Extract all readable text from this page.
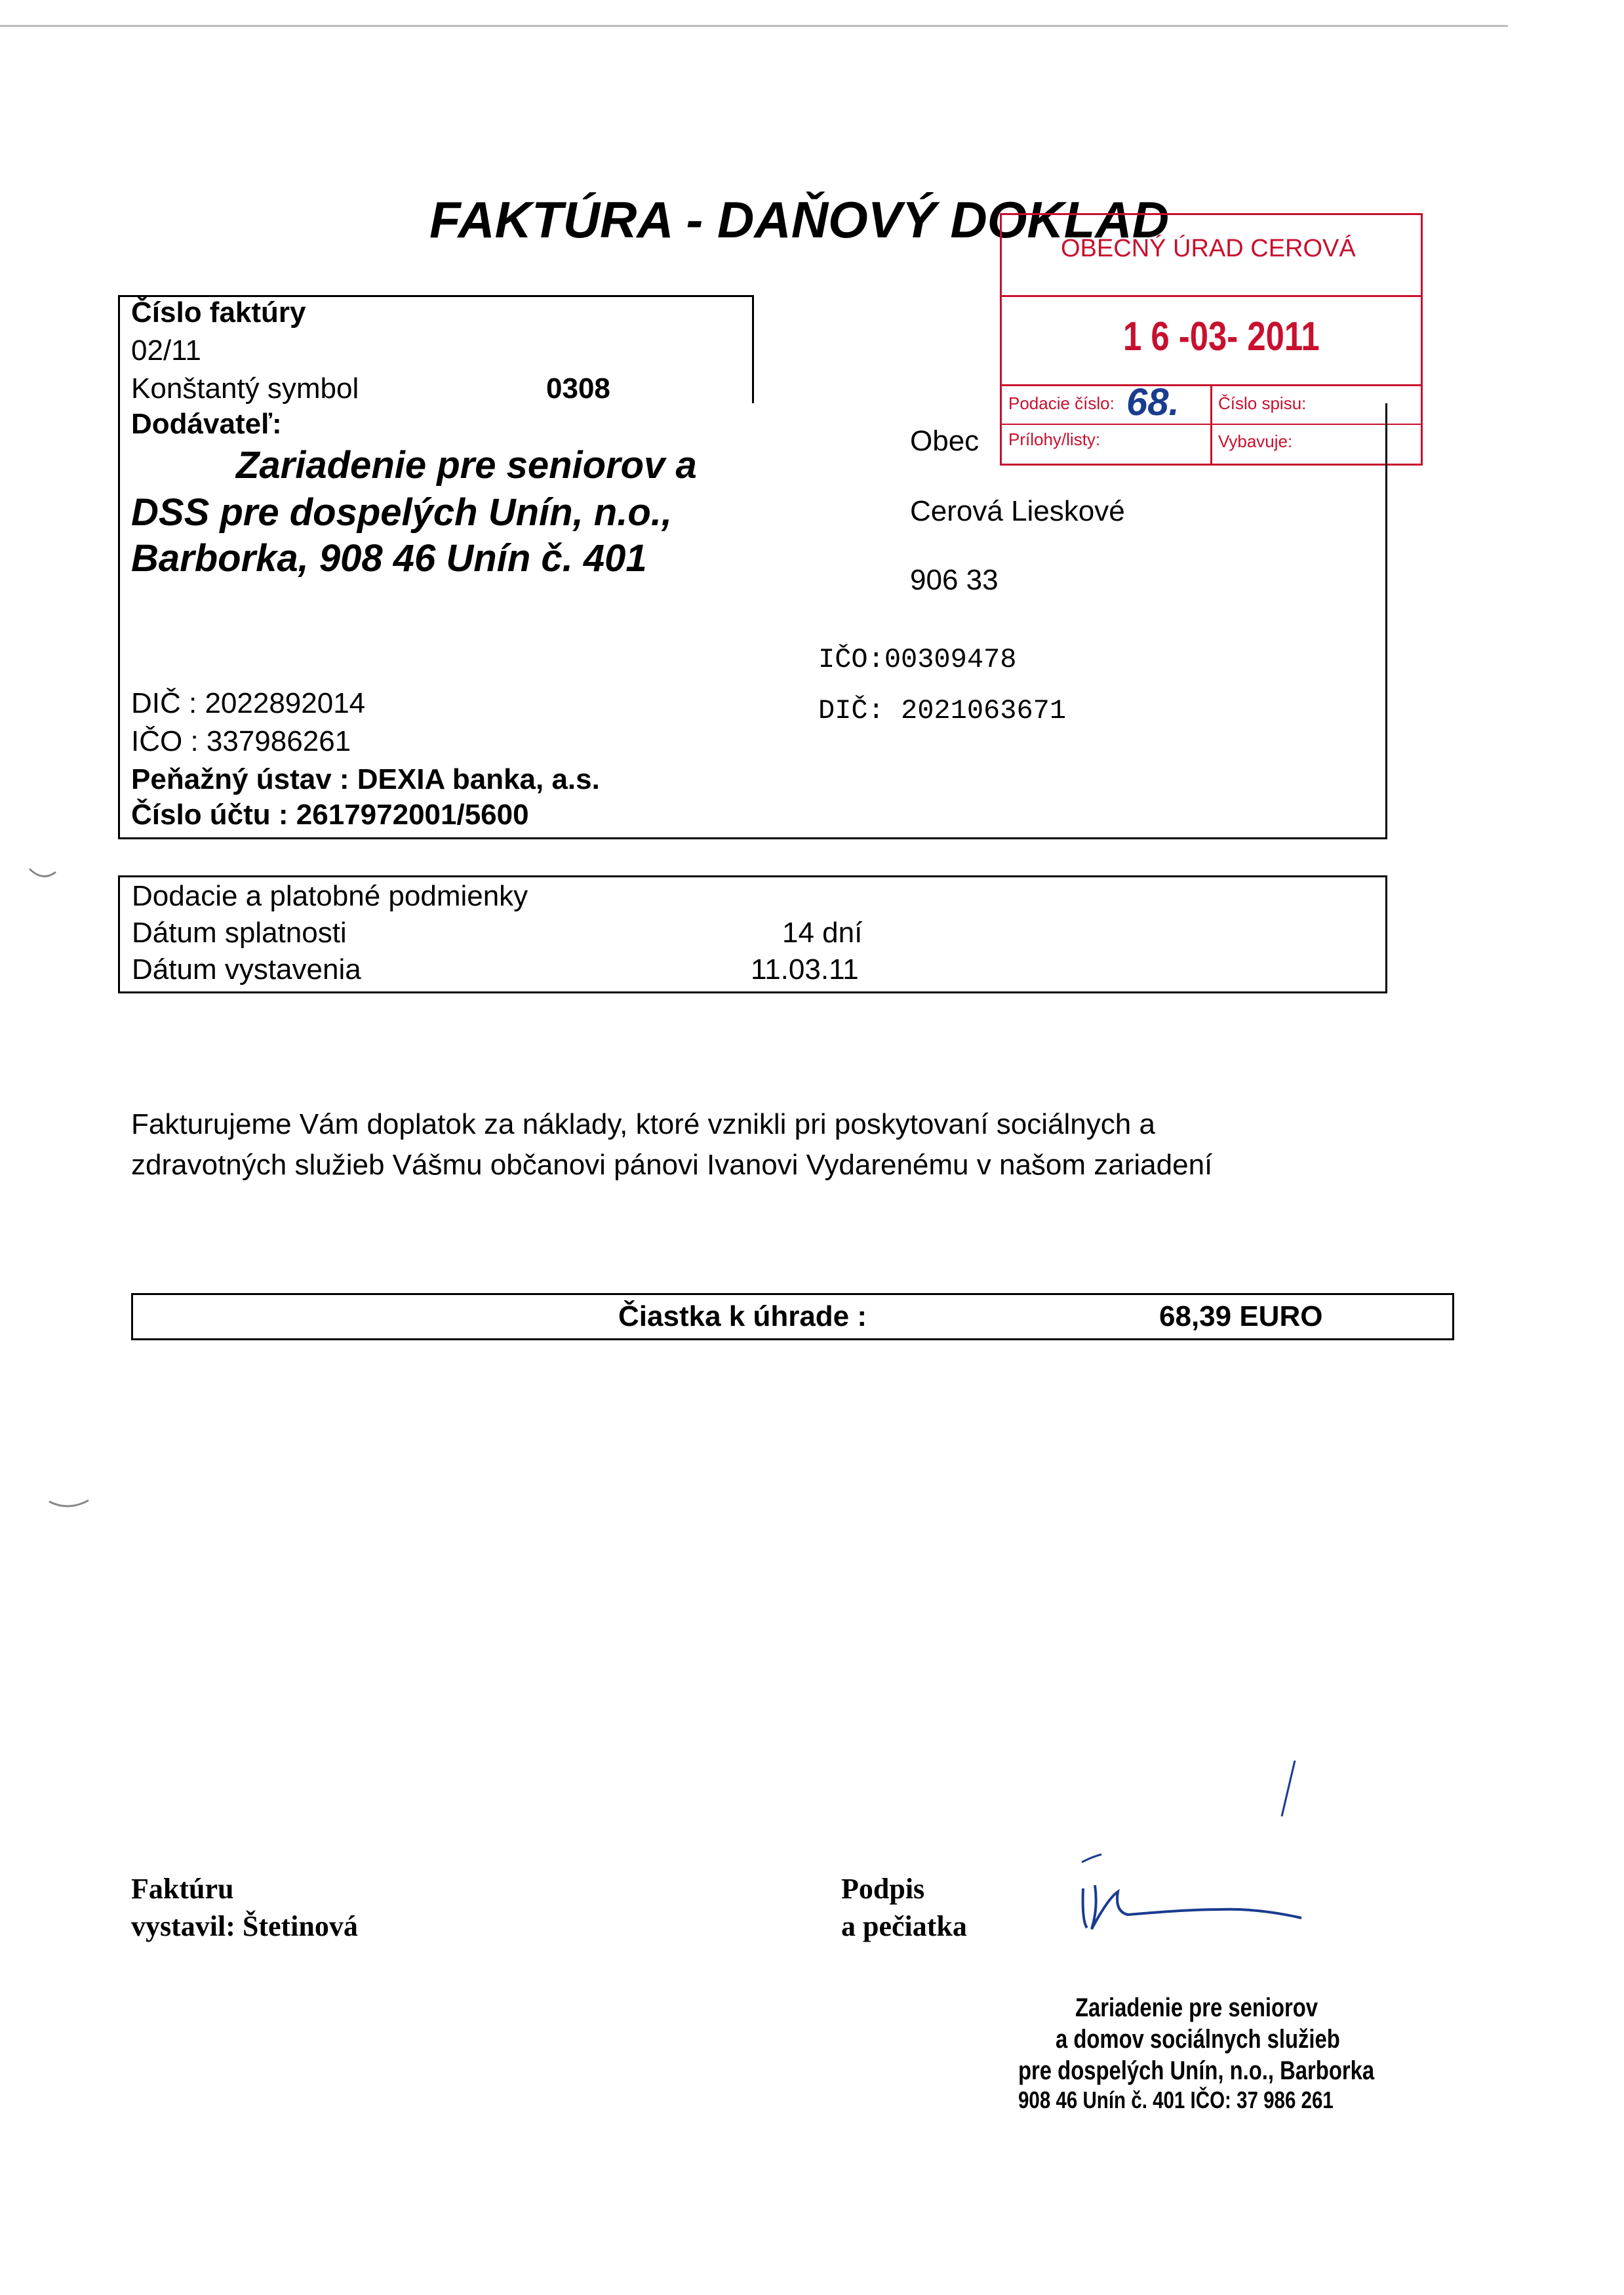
FAKTÚRA - DAŇOVÝ DOKLAD
OBECNÝ ÚRAD CEROVÁ
1 6 -03- 2011
Podacie číslo: 68. Číslo spisu:
Prílohy/listy:	Vybavuje:
Číslo faktúry
02/11
Konštantý symbol	0308
Dodávateľ:
Zariadenie pre seniorov a
DSS pre dospelých Unín, n.o.,
Barborka, 908 46 Unín č. 401
DIČ : 2022892014
IČO : 337986261
Peňažný ústav : DEXIA banka, a.s.
Číslo účtu : 2617972001/5600
Obec
Cerová Lieskové
906 33
IČO:00309478
DIČ: 2021063671
Dodacie a platobné podmienky
Dátum splatnosti	14 dní
Dátum vystavenia	11.03.11
Fakturujeme Vám doplatok za náklady, ktoré vznikli pri poskytovaní sociálnych a
zdravotných služieb Vášmu občanovi pánovi Ivanovi Vydarenému v našom zariadení
Čiastka k úhrade :	68,39 EURO
Faktúru
vystavil: Štetinová
Podpis
a pečiatka
Zariadenie pre seniorov
a domov sociálnych služieb
pre dospelých Unín, n.o., Barborka
908 46 Unín č. 401 IČO: 37 986 261
